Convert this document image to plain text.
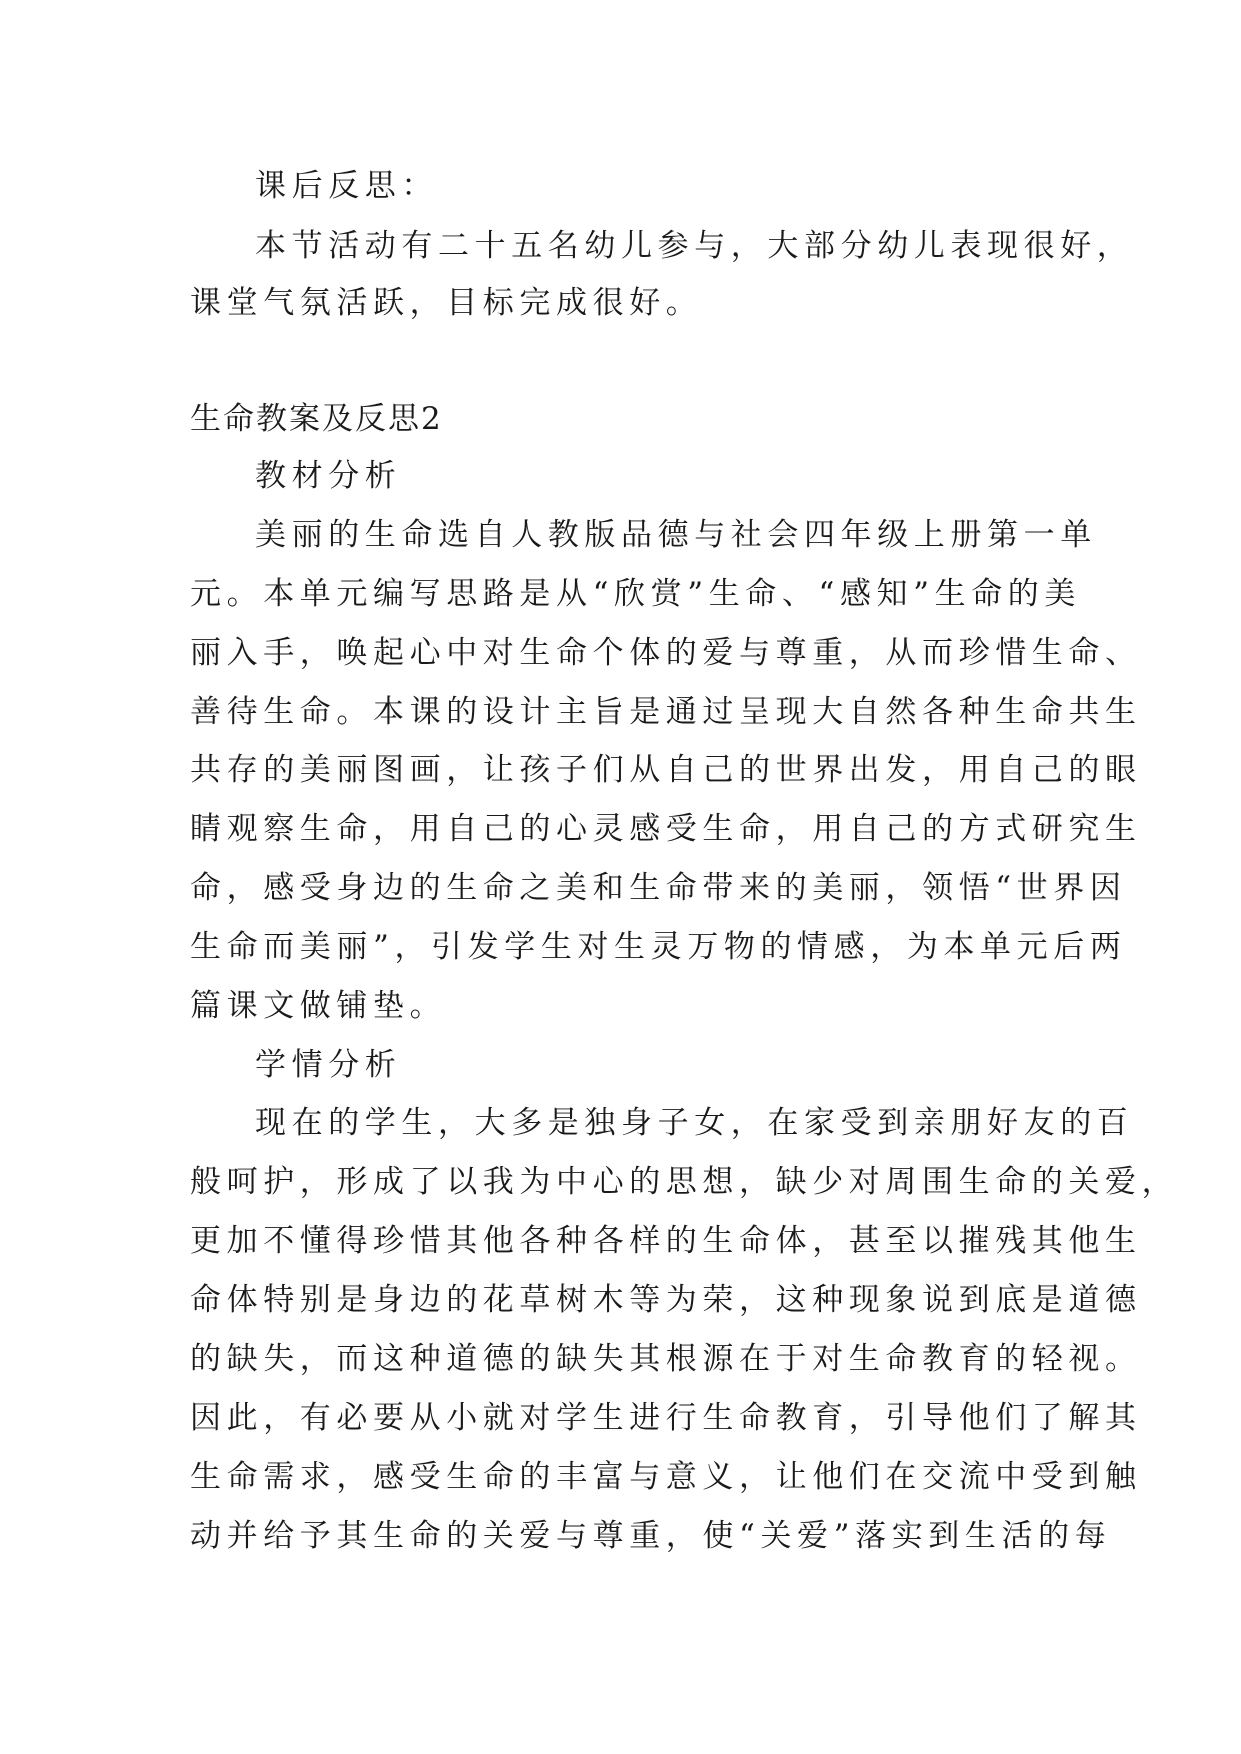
课后反思：
本节活动有二十五名幼儿参与，大部分幼儿表现很好，
课堂气氛活跃，目标完成很好。
生命教案及反思2
教材分析
美丽的生命选自人教版品德与社会四年级上册第一单
元。本单元编写思路是从“欣赏”生命、“感知”生命的美
丽入手，唤起心中对生命个体的爱与尊重，从而珍惜生命、
善待生命。本课的设计主旨是通过呈现大自然各种生命共生
共存的美丽图画，让孩子们从自己的世界出发，用自己的眼
睛观察生命，用自己的心灵感受生命，用自己的方式研究生
命，感受身边的生命之美和生命带来的美丽，领悟“世界因
生命而美丽”，引发学生对生灵万物的情感，为本单元后两
篇课文做铺垫。
学情分析
现在的学生，大多是独身子女，在家受到亲朋好友的百
般呵护，形成了以我为中心的思想，缺少对周围生命的关爱，
更加不懂得珍惜其他各种各样的生命体，甚至以摧残其他生
命体特别是身边的花草树木等为荣，这种现象说到底是道德
的缺失，而这种道德的缺失其根源在于对生命教育的轻视。
因此，有必要从小就对学生进行生命教育，引导他们了解其
生命需求，感受生命的丰富与意义，让他们在交流中受到触
动并给予其生命的关爱与尊重，使“关爱”落实到生活的每
